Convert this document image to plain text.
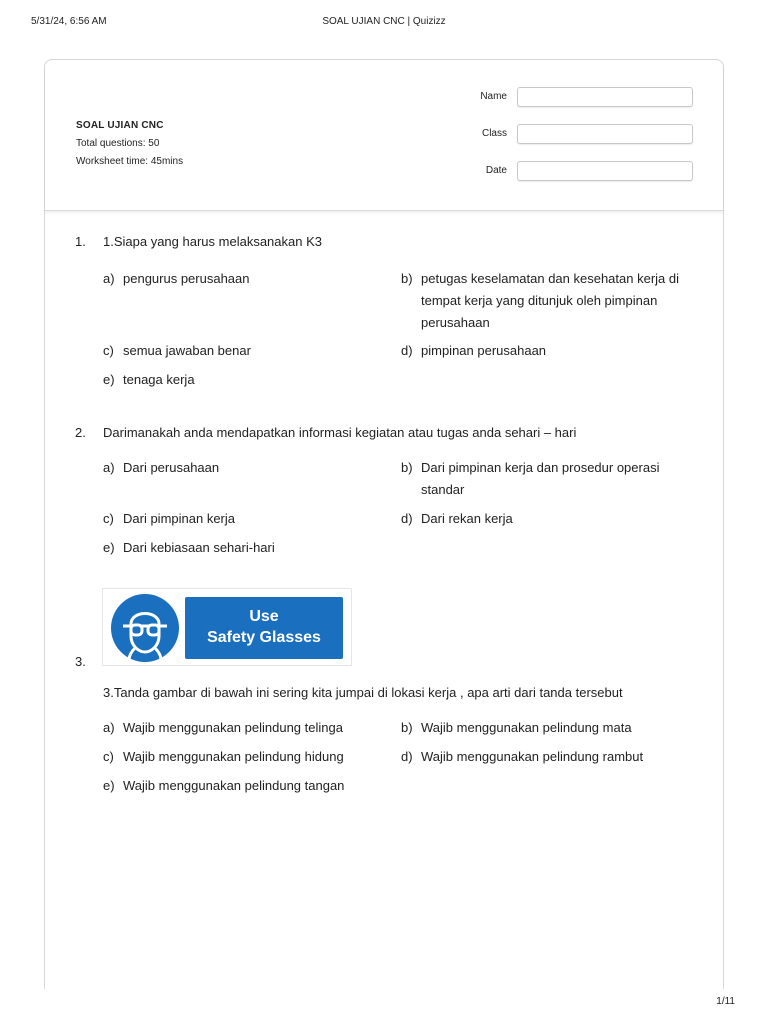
5/31/24, 6:56 AM	SOAL UJIAN CNC | Quizizz
SOAL UJIAN CNC
Total questions: 50
Worksheet time: 45mins
Name
Class
Date
1. 1.Siapa yang harus melaksanakan K3
a) pengurus perusahaan	b) petugas keselamatan dan kesehatan kerja di tempat kerja yang ditunjuk oleh pimpinan perusahaan
c) semua jawaban benar	d) pimpinan perusahaan
e) tenaga kerja
2. Darimanakah anda mendapatkan informasi kegiatan atau tugas anda sehari – hari
a) Dari perusahaan	b) Dari pimpinan kerja dan prosedur operasi standar
c) Dari pimpinan kerja	d) Dari rekan kerja
e) Dari kebiasaan sehari-hari
Use
Safety Glasses
3.
3.Tanda gambar di bawah ini sering kita jumpai di lokasi kerja , apa arti dari tanda tersebut
a) Wajib menggunakan pelindung telinga	b) Wajib menggunakan pelindung mata
c) Wajib menggunakan pelindung hidung	d) Wajib menggunakan pelindung rambut
e) Wajib menggunakan pelindung tangan
1/11
